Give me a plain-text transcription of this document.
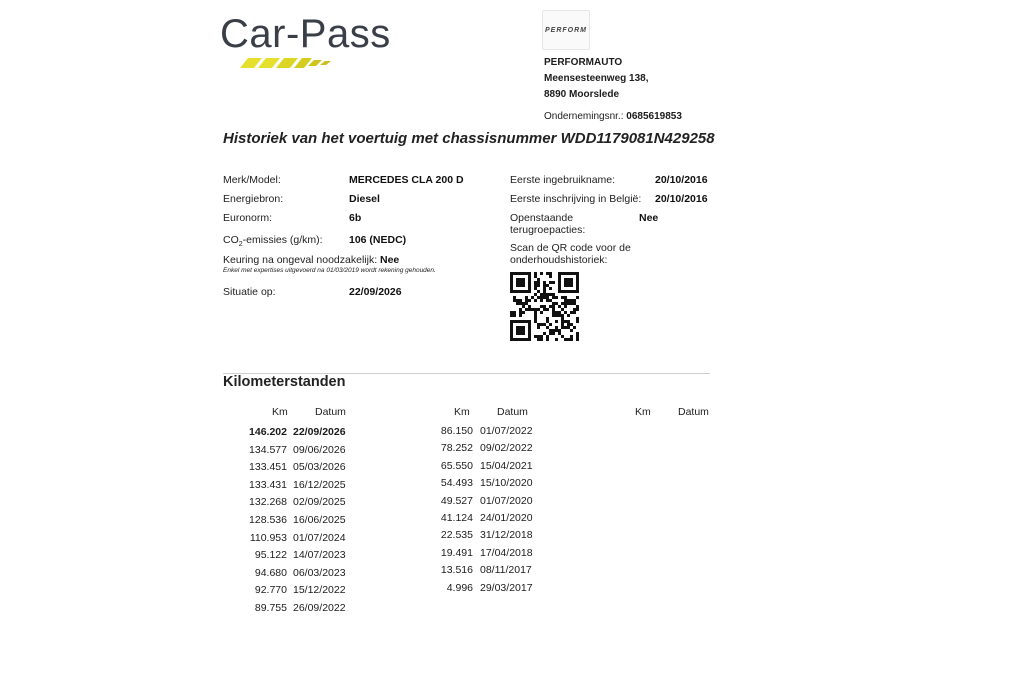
Car-Pass	PERFORM
PERFORMAUTO
Meensesteenweg 138,
8890 Moorslede
Ondernemingsnr.: 0685619853
Historiek van het voertuig met chassisnummer WDD1179081N429258
Merk/Model:	MERCEDES CLA 200 D
Energiebron:	Diesel
Euronorm:	6b
$CO_2$-emissies (g/km):	106 (NEDC)
Keuring na ongeval noodzakelijk: Nee
Enkel met expertises uitgevoerd na 01/03/2019 wordt rekening gehouden.
Situatie op:	22/09/2026
Eerste ingebruikname:	20/10/2016
Eerste inschrijving in België: 20/10/2016
Openstaande
terugroepacties:
Nee
Scan de QR code voor de
onderhoudshistoriek:
Kilometerstanden
Km	Datum	Km	Datum	Km	Datum
146.202 22/09/2026
134.577 09/06/2026
133.451 05/03/2026
133.431 16/12/2025
132.268 02/09/2025
128.536 16/06/2025
110.953 01/07/2024
95.122 14/07/2023
94.680 06/03/2023
92.770 15/12/2022
89.755 26/09/2022
86.150 01/07/2022
78.252 09/02/2022
65.550 15/04/2021
54.493 15/10/2020
49.527 01/07/2020
41.124 24/01/2020
22.535 31/12/2018
19.491 17/04/2018
13.516 08/11/2017
4.996 29/03/2017
